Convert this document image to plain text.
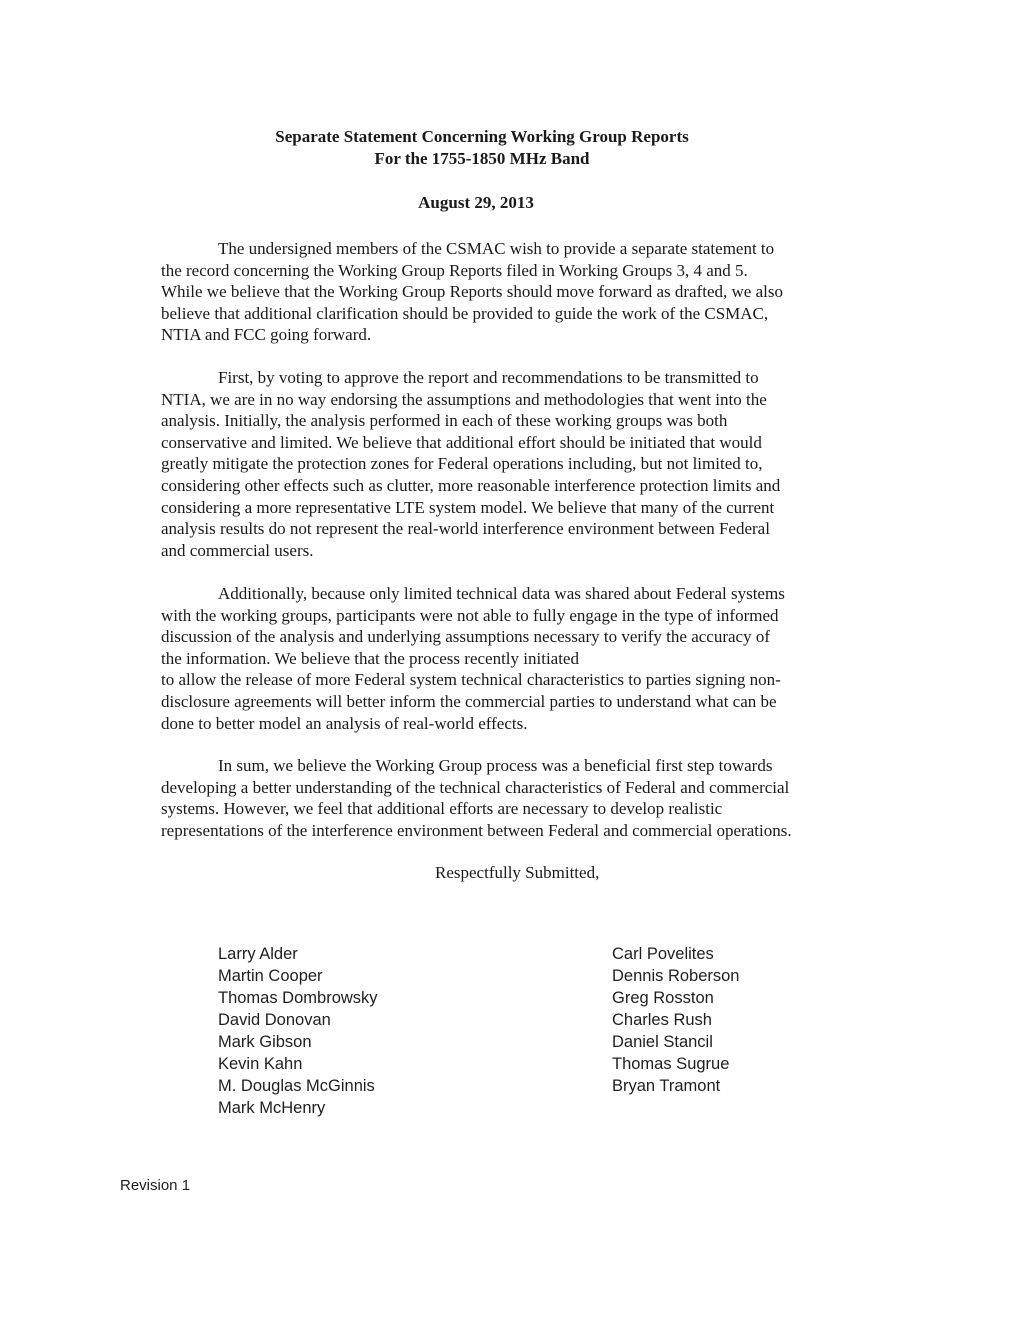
Separate Statement Concerning Working Group Reports
For the 1755-1850 MHz Band
August 29, 2013
The undersigned members of the CSMAC wish to provide a separate statement to
the record concerning the Working Group Reports filed in Working Groups 3, 4 and 5.
While we believe that the Working Group Reports should move forward as drafted, we also
believe that additional clarification should be provided to guide the work of the CSMAC,
NTIA and FCC going forward.
First, by voting to approve the report and recommendations to be transmitted to
NTIA, we are in no way endorsing the assumptions and methodologies that went into the
analysis. Initially, the analysis performed in each of these working groups was both
conservative and limited. We believe that additional effort should be initiated that would
greatly mitigate the protection zones for Federal operations including, but not limited to,
considering other effects such as clutter, more reasonable interference protection limits and
considering a more representative LTE system model. We believe that many of the current
analysis results do not represent the real-world interference environment between Federal
and commercial users.
Additionally, because only limited technical data was shared about Federal systems
with the working groups, participants were not able to fully engage in the type of informed
discussion of the analysis and underlying assumptions necessary to verify the accuracy of
the information. We believe that the process recently initiated
to allow the release of more Federal system technical characteristics to parties signing non-
disclosure agreements will better inform the commercial parties to understand what can be
done to better model an analysis of real-world effects.
In sum, we believe the Working Group process was a beneficial first step towards
developing a better understanding of the technical characteristics of Federal and commercial
systems. However, we feel that additional efforts are necessary to develop realistic
representations of the interference environment between Federal and commercial operations.
Respectfully Submitted,
Larry Alder
Martin Cooper
Thomas Dombrowsky
David Donovan
Mark Gibson
Kevin Kahn
M. Douglas McGinnis
Mark McHenry
Carl Povelites
Dennis Roberson
Greg Rosston
Charles Rush
Daniel Stancil
Thomas Sugrue
Bryan Tramont
Revision 1
